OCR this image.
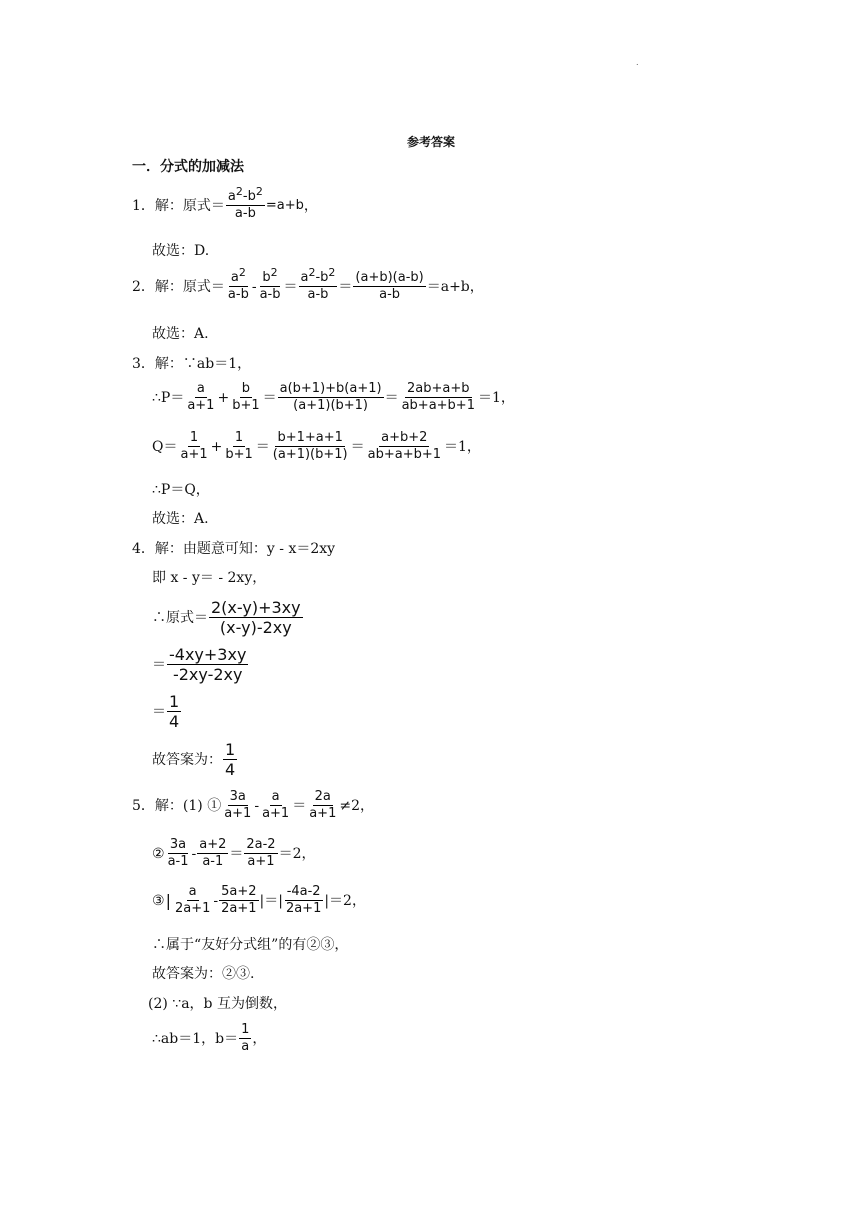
.
参考答案
一．分式的加减法
1． 解：原式＝ $\frac{a^2-b^2}{a-b} =a+b$ ，
故选：D.
2． 解：原式＝ $\frac{a^2}{a-b} - \frac{b^2}{a-b} = \frac{a^2-b^2}{a-b} = \frac{(a+b)(a-b)}{a-b} =a+b$，
故选：A.
3．解：∵ab＝1，
∴P＝ $\frac{a}{a+1} + \frac{b}{b+1} = \frac{a(b+1)+b(a+1)}{(a+1)(b+1)} = \frac{2ab+a+b}{ab+a+b+1} =1$，
$Q= \frac{1}{a+1} + \frac{1}{b+1} = \frac{b+1+a+1}{(a+1)(b+1)} = \frac{a+b+2}{ab+a+b+1} =1$，
∴P＝Q，
故选：A.
4．解：由题意可知：y - x＝2xy
即 x - y＝ - 2xy，
∴原式＝ $\frac{2(x-y)+3xy}{(x-y)-2xy}$
＝ $\frac{-4xy+3xy}{-2xy-2xy}$
＝ $\frac{1}{4}$
故答案为： $\frac{1}{4}$
5． 解：(1) ① $\frac{3a}{a+1} - \frac{a}{a+1} = \frac{2a}{a+1} \ne 2$，
② $\frac{3a}{a-1} - \frac{a+2}{a-1} = \frac{2a-2}{a+1} =2$，
③ | $\frac{a}{2a+1} - \frac{5a+2}{2a+1}$ |＝| $\frac{-4a-2}{2a+1} |=2$，
∴属于“友好分式组”的有②③，
故答案为：②③.
(2) ∵a，b 互为倒数，
∴ab＝1，$b= \frac{1}{a}$ ，
